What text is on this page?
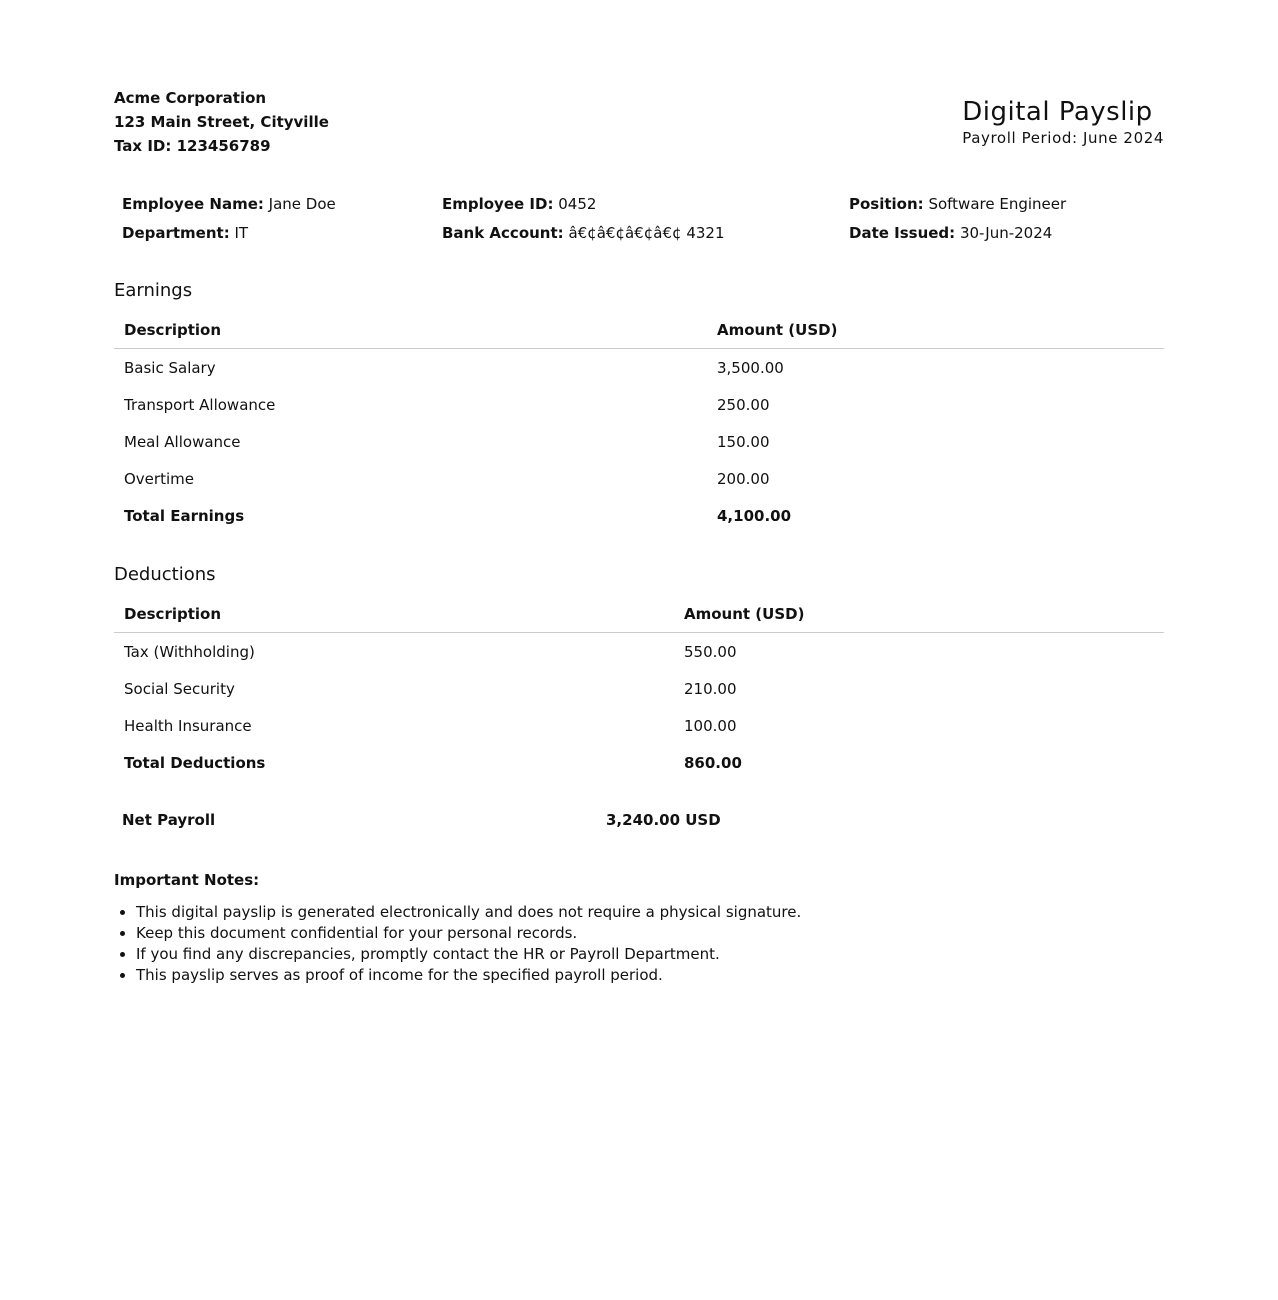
Acme Corporation
123 Main Street, Cityville
Tax ID: 123456789
Digital Payslip
Payroll Period: June 2024
Employee Name: Jane Doe	Employee ID: 0452	Position: Software Engineer
Department: IT	Bank Account: â€¢â€¢â€¢â€¢ 4321	Date Issued: 30-Jun-2024
Earnings
Description	Amount (USD)
Basic Salary	3,500.00
Transport Allowance	250.00
Meal Allowance	150.00
Overtime	200.00
Total Earnings	4,100.00
Deductions
Description	Amount (USD)
Tax (Withholding)	550.00
Social Security	210.00
Health Insurance	100.00
Total Deductions	860.00
Net Payroll	3,240.00 USD
Important Notes:
• This digital payslip is generated electronically and does not require a physical signature.
• Keep this document confidential for your personal records.
• If you find any discrepancies, promptly contact the HR or Payroll Department.
• This payslip serves as proof of income for the specified payroll period.
